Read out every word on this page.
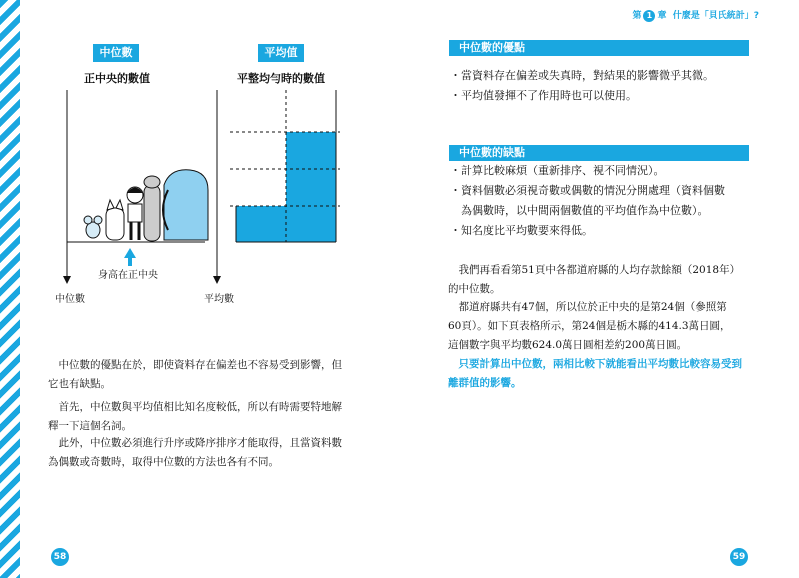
第 1 章 什麼是「貝氏統計」?
中位數
正中央的數值
平均值
平整均勻時的數值
身高在正中央
中位數	平均數
　中位數的優點在於，即使資料存在偏差也不容易受到影響，但
它也有缺點。
　首先，中位數與平均值相比知名度較低，所以有時需要特地解
釋一下這個名詞。
　此外，中位數必須進行升序或降序排序才能取得，且當資料數
為偶數或奇數時，取得中位數的方法也各有不同。
58
中位數的優點
・當資料存在偏差或失真時，對結果的影響微乎其微。
・平均值發揮不了作用時也可以使用。
中位數的缺點
・計算比較麻煩（重新排序、視不同情況）。
・資料個數必須視奇數或偶數的情況分開處理（資料個數
　為偶數時，以中間兩個數值的平均值作為中位數）。
・知名度比平均數要來得低。
　我們再看看第51頁中各都道府縣的人均存款餘額（2018年）
的中位數。
　都道府縣共有47個，所以位於正中央的是第24個（參照第
60頁）。如下頁表格所示，第24個是栃木縣的414.3萬日圓，
這個數字與平均數624.0萬日圓相差約200萬日圓。
　只要計算出中位數，兩相比較下就能看出平均數比較容易受到
離群值的影響。
59
